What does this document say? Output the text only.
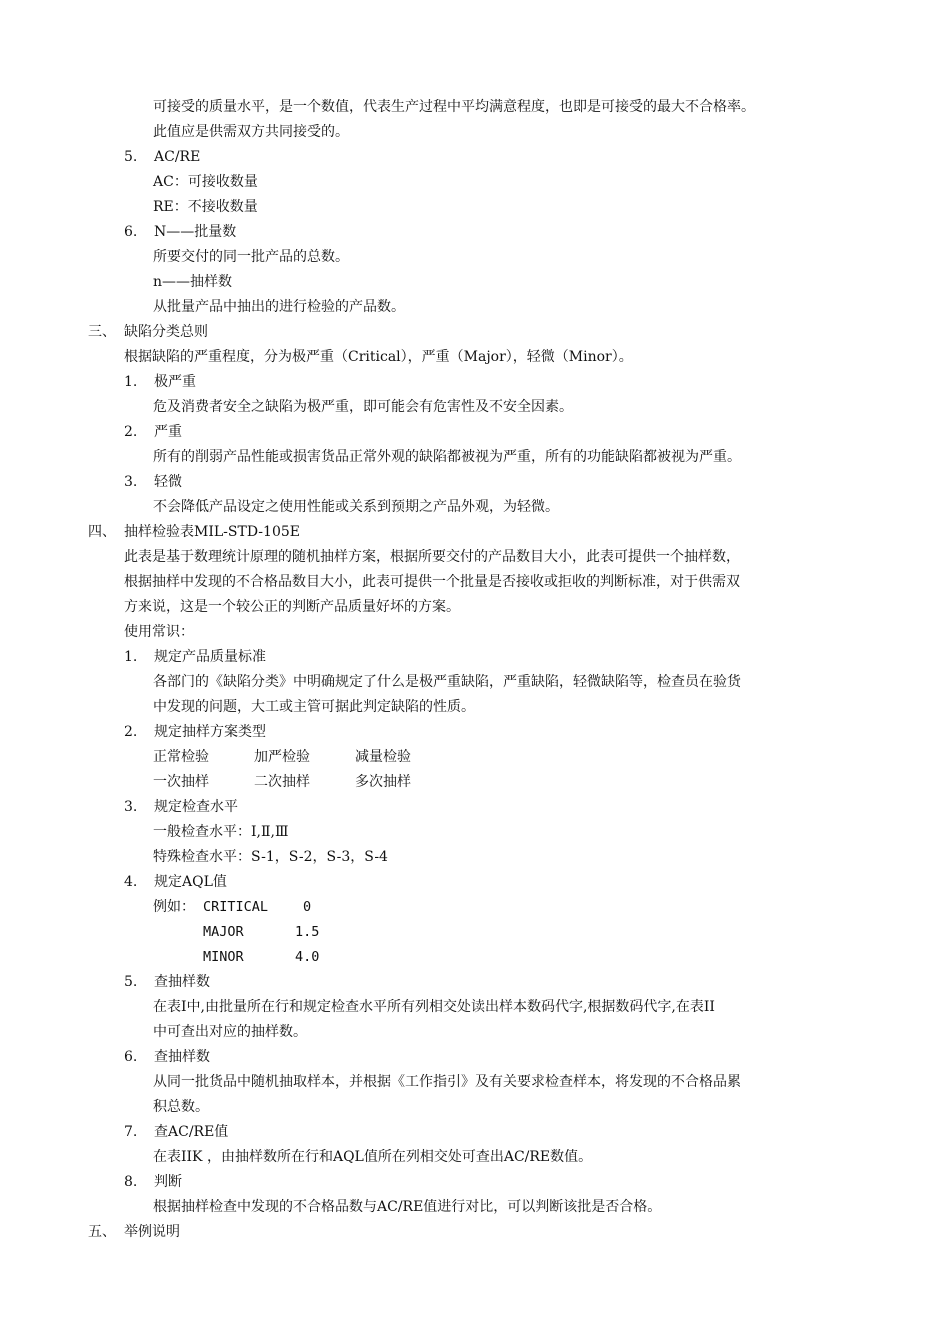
可接受的质量水平，是一个数值，代表生产过程中平均满意程度，也即是可接受的最大不合格率。
此值应是供需双方共同接受的。
5. AC/RE
AC：可接收数量
RE：不接收数量
6. N——批量数
所要交付的同一批产品的总数。
n——抽样数
从批量产品中抽出的进行检验的产品数。
三、 缺陷分类总则
根据缺陷的严重程度，分为极严重（Critical），严重（Major），轻微（Minor）。
1. 极严重
危及消费者安全之缺陷为极严重，即可能会有危害性及不安全因素。
2. 严重
所有的削弱产品性能或损害货品正常外观的缺陷都被视为严重，所有的功能缺陷都被视为严重。
3. 轻微
不会降低产品设定之使用性能或关系到预期之产品外观，为轻微。
四、 抽样检验表MIL-STD-105E
此表是基于数理统计原理的随机抽样方案，根据所要交付的产品数目大小，此表可提供一个抽样数，
根据抽样中发现的不合格品数目大小，此表可提供一个批量是否接收或拒收的判断标准，对于供需双
方来说，这是一个较公正的判断产品质量好坏的方案。
使用常识：
1. 规定产品质量标准
各部门的《缺陷分类》中明确规定了什么是极严重缺陷，严重缺陷，轻微缺陷等，检查员在验货
中发现的问题，大工或主管可据此判定缺陷的性质。
2. 规定抽样方案类型
正常检验	加严检验	减量检验
一次抽样	二次抽样	多次抽样
3. 规定检查水平
一般检查水平：Ⅰ,Ⅱ,Ⅲ
特殊检查水平：S-1，S-2，S-3，S-4
4. 规定AQL值
例如： CRITICAL	0
MAJOR	1.5
MINOR	4.0
5. 查抽样数
在表Ⅰ中,由批量所在行和规定检查水平所有列相交处读出样本数码代字,根据数码代字,在表II
中可查出对应的抽样数。
6. 查抽样数
从同一批货品中随机抽取样本，并根据《工作指引》及有关要求检查样本，将发现的不合格品累
积总数。
7. 查AC/RE值
在表IIK ，由抽样数所在行和AQL值所在列相交处可查出AC/RE数值。
8. 判断
根据抽样检查中发现的不合格品数与AC/RE值进行对比，可以判断该批是否合格。
五、 举例说明
